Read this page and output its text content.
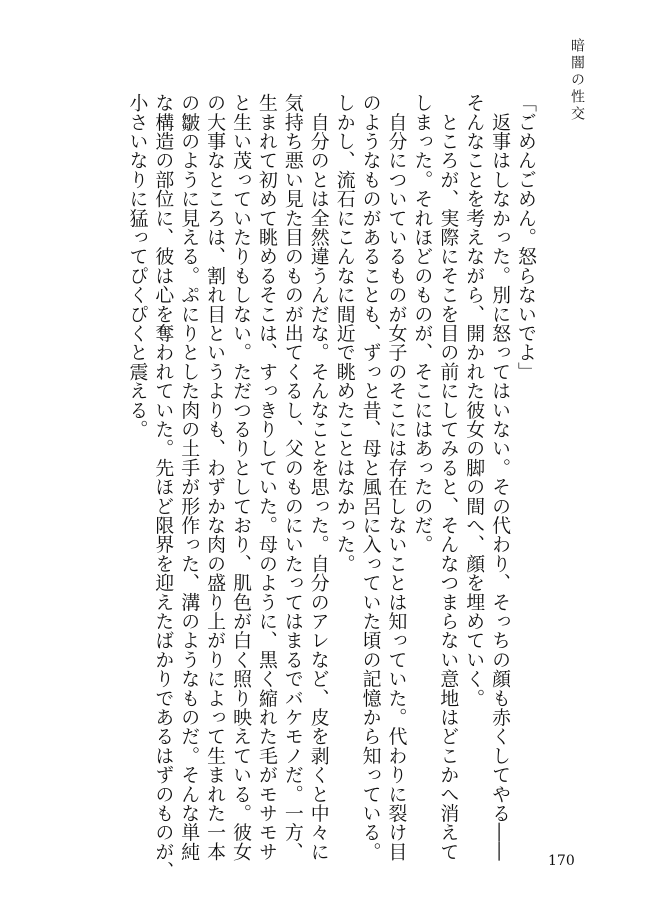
暗闇の性交

「ごめんごめん。怒らないでよ」

　返事はしなかった。別に怒ってはいない。その代わり、そっちの顔も赤くしてやる――

そんなことを考えながら、開かれた彼女の脚の間へ、顔を埋めていく。

　ところが、実際にそこを目の前にしてみると、そんなつまらない意地はどこかへ消えて

しまった。それほどのものが、そこにはあったのだ。

　自分についているものが女子のそこには存在しないことは知っていた。代わりに裂け目

のようなものがあることも、ずっと昔、母と風呂に入っていた頃の記憶から知っている。

しかし、流石にこんなに間近で眺めたことはなかった。

　自分のとは全然違うんだな。そんなことを思った。自分のアレなど、皮を剥くと中々に

気持ち悪い見た目のものが出てくるし、父のものにいたってはまるでバケモノだ。一方、

生まれて初めて眺めるそこは、すっきりしていた。母のように、黒く縮れた毛がモサモサ

と生い茂っていたりもしない。ただつるりとしており、肌色が白く照り映えている。彼女

の大事なところは、割れ目というよりも、わずかな肉の盛り上がりによって生まれた一本

の皺のように見える。ぷにりとした肉の土手が形作った、溝のようなものだ。そんな単純

な構造の部位に、彼は心を奪われていた。先ほど限界を迎えたばかりであるはずのものが、

小さいなりに猛ってぴくぴくと震える。

170
